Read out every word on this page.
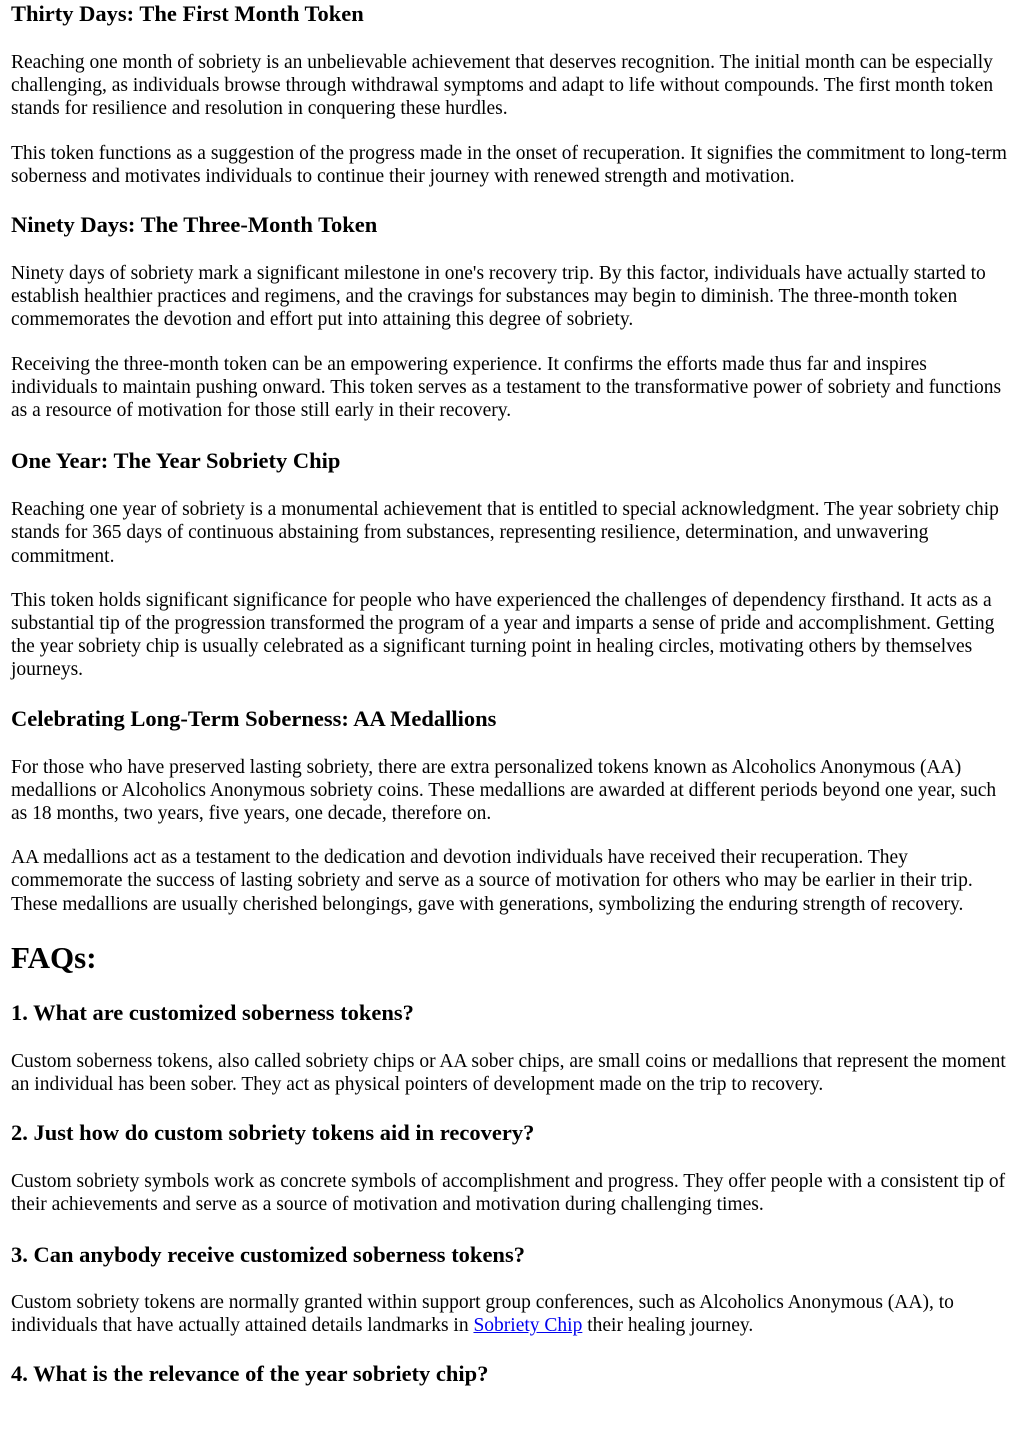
Thirty Days: The First Month Token

Reaching one month of sobriety is an unbelievable achievement that deserves recognition. The initial month can be especially challenging, as individuals browse through withdrawal symptoms and adapt to life without compounds. The first month token stands for resilience and resolution in conquering these hurdles.

This token functions as a suggestion of the progress made in the onset of recuperation. It signifies the commitment to long-term soberness and motivates individuals to continue their journey with renewed strength and motivation.

Ninety Days: The Three-Month Token

Ninety days of sobriety mark a significant milestone in one's recovery trip. By this factor, individuals have actually started to establish healthier practices and regimens, and the cravings for substances may begin to diminish. The three-month token commemorates the devotion and effort put into attaining this degree of sobriety.

Receiving the three-month token can be an empowering experience. It confirms the efforts made thus far and inspires individuals to maintain pushing onward. This token serves as a testament to the transformative power of sobriety and functions as a resource of motivation for those still early in their recovery.

One Year: The Year Sobriety Chip

Reaching one year of sobriety is a monumental achievement that is entitled to special acknowledgment. The year sobriety chip stands for 365 days of continuous abstaining from substances, representing resilience, determination, and unwavering commitment.

This token holds significant significance for people who have experienced the challenges of dependency firsthand. It acts as a substantial tip of the progression transformed the program of a year and imparts a sense of pride and accomplishment. Getting the year sobriety chip is usually celebrated as a significant turning point in healing circles, motivating others by themselves journeys.

Celebrating Long-Term Soberness: AA Medallions

For those who have preserved lasting sobriety, there are extra personalized tokens known as Alcoholics Anonymous (AA) medallions or Alcoholics Anonymous sobriety coins. These medallions are awarded at different periods beyond one year, such as 18 months, two years, five years, one decade, therefore on.

AA medallions act as a testament to the dedication and devotion individuals have received their recuperation. They commemorate the success of lasting sobriety and serve as a source of motivation for others who may be earlier in their trip. These medallions are usually cherished belongings, gave with generations, symbolizing the enduring strength of recovery.

FAQs:
1. What are customized soberness tokens?

Custom soberness tokens, also called sobriety chips or AA sober chips, are small coins or medallions that represent the moment an individual has been sober. They act as physical pointers of development made on the trip to recovery.

2. Just how do custom sobriety tokens aid in recovery?

Custom sobriety symbols work as concrete symbols of accomplishment and progress. They offer people with a consistent tip of their achievements and serve as a source of motivation and motivation during challenging times.

3. Can anybody receive customized soberness tokens?

Custom sobriety tokens are normally granted within support group conferences, such as Alcoholics Anonymous (AA), to individuals that have actually attained details landmarks in Sobriety Chip their healing journey.

4. What is the relevance of the year sobriety chip?
